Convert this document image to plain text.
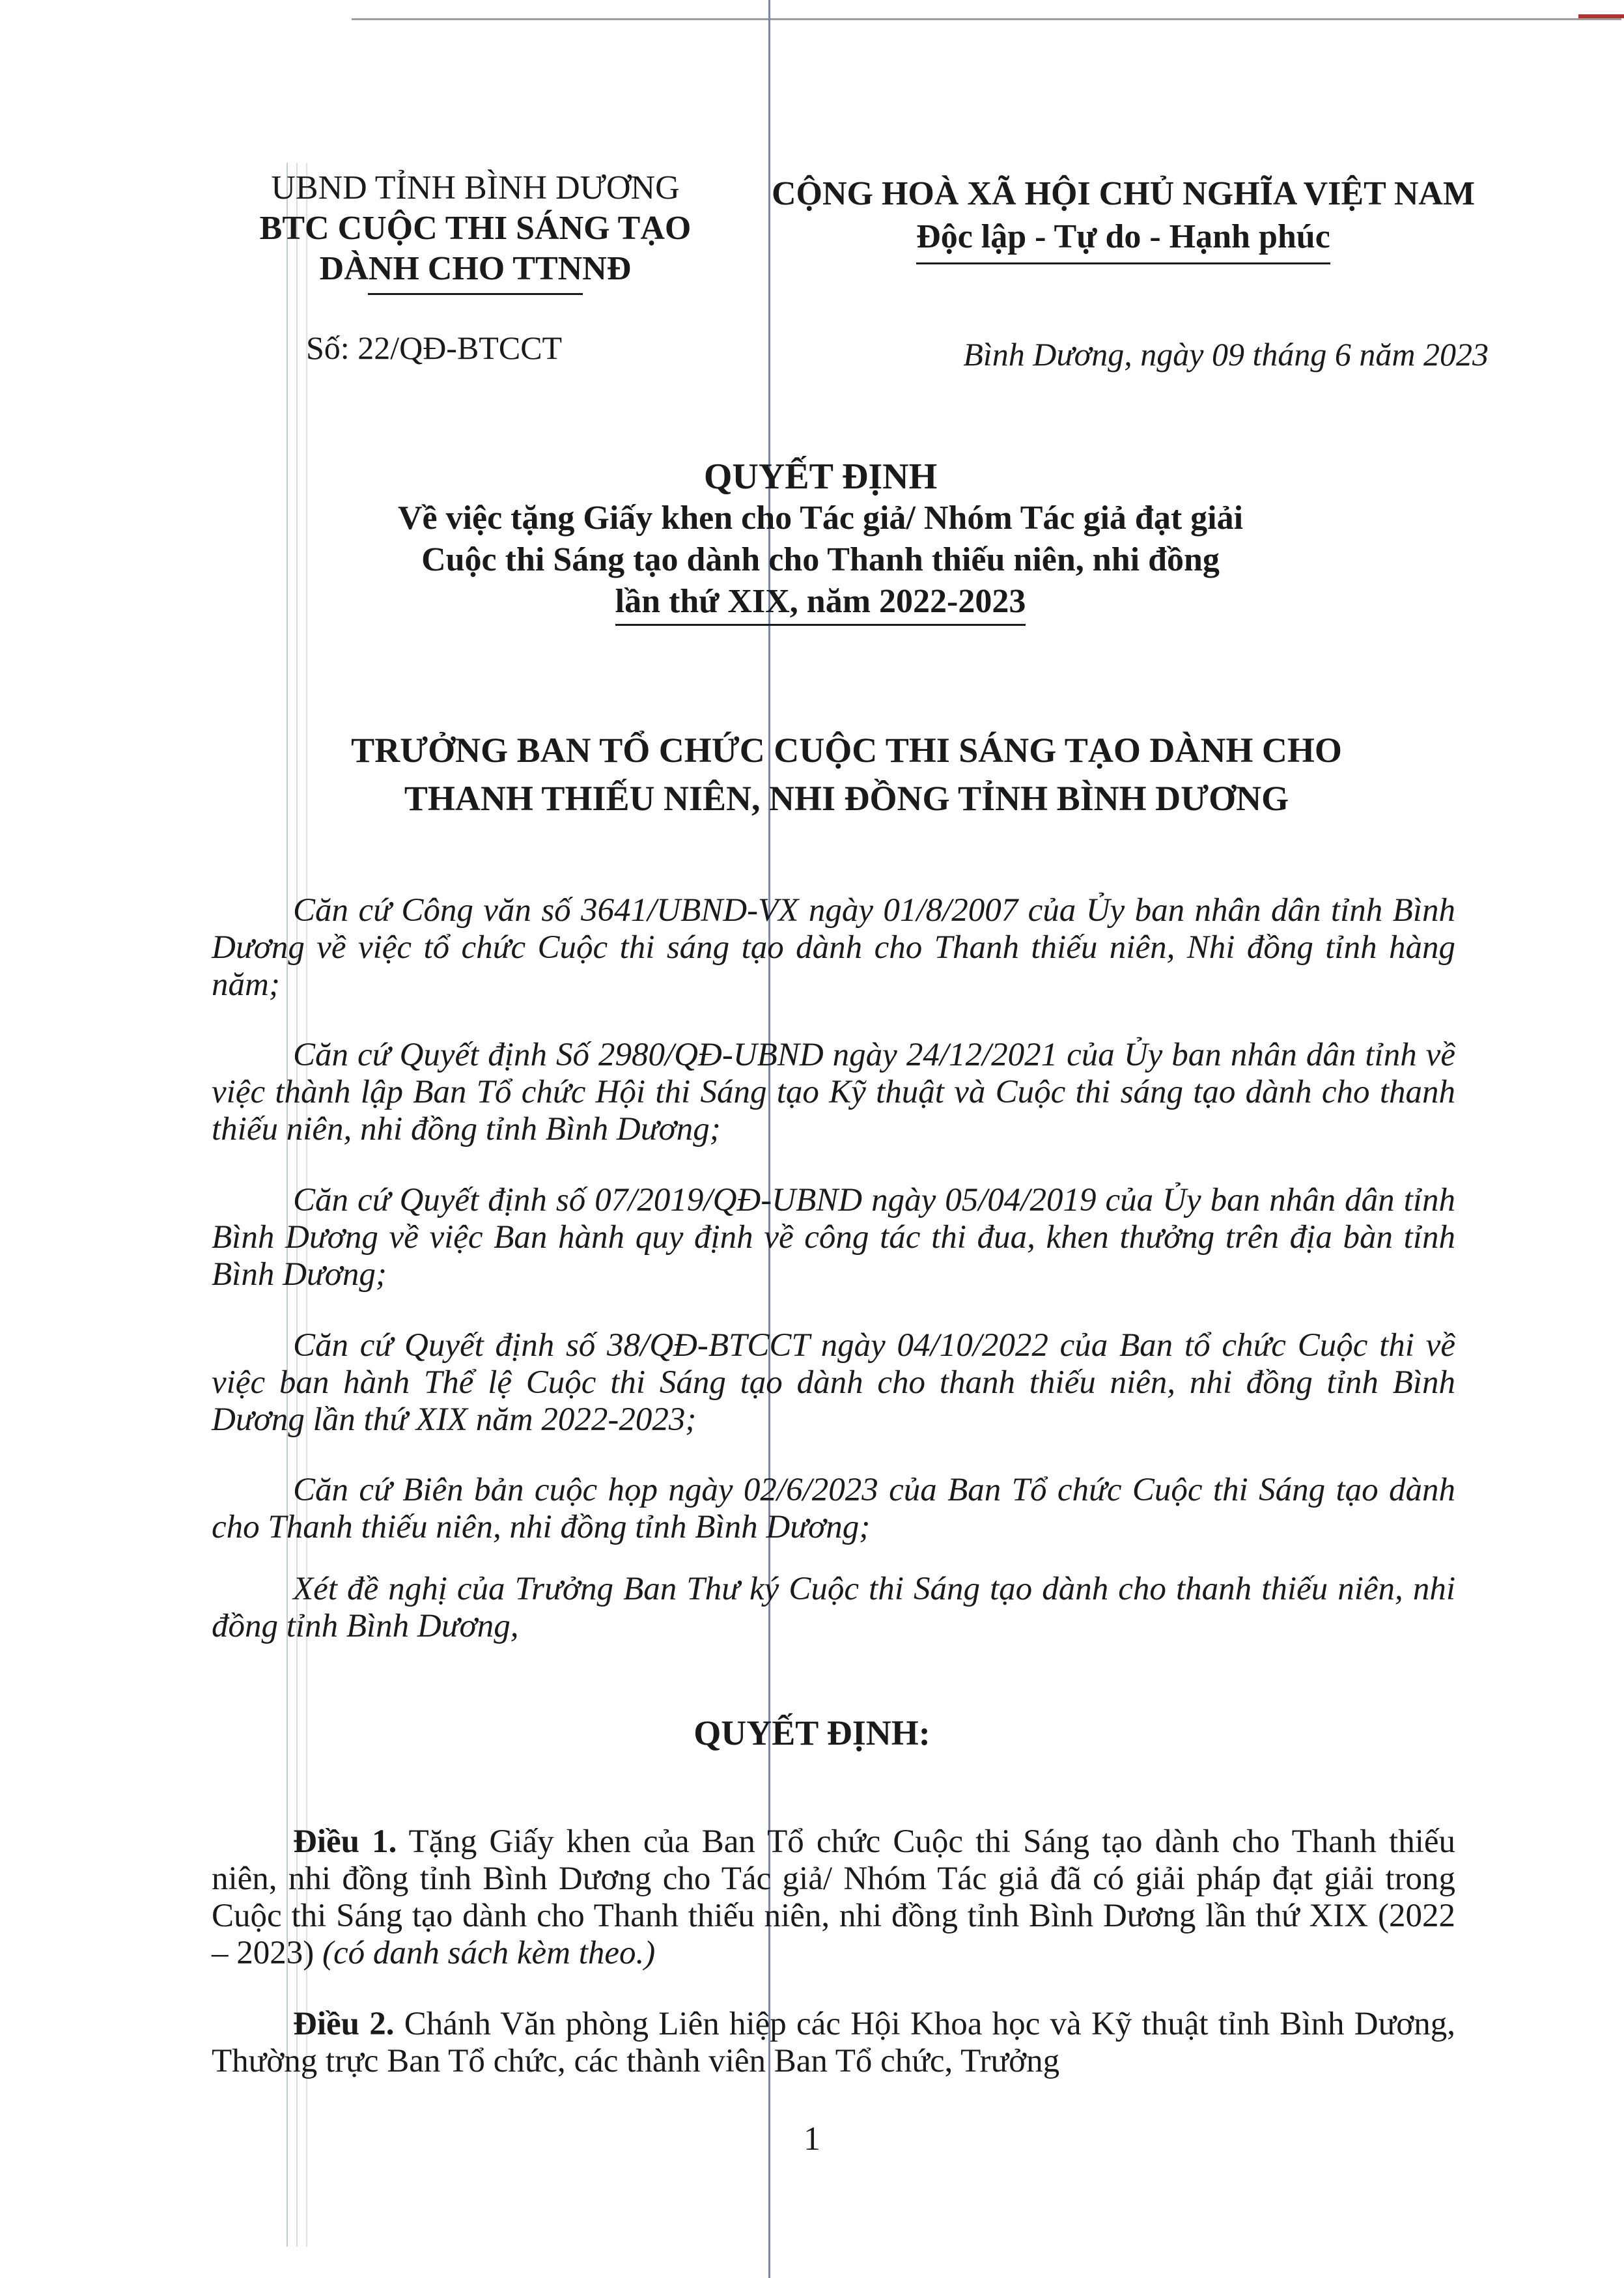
UBND TỈNH BÌNH DƯƠNG
BTC CUỘC THI SÁNG TẠO
DÀNH CHO TTNNĐ
Số: 22/QĐ-BTCCT
CỘNG HOÀ XÃ HỘI CHỦ NGHĨA VIỆT NAM
Độc lập - Tự do - Hạnh phúc
Bình Dương, ngày 09 tháng 6 năm 2023
QUYẾT ĐỊNH
Về việc tặng Giấy khen cho Tác giả/ Nhóm Tác giả đạt giải
Cuộc thi Sáng tạo dành cho Thanh thiếu niên, nhi đồng
lần thứ XIX, năm 2022-2023
TRƯỞNG BAN TỔ CHỨC CUỘC THI SÁNG TẠO DÀNH CHO
THANH THIẾU NIÊN, NHI ĐỒNG TỈNH BÌNH DƯƠNG

Căn cứ Công văn số 3641/UBND-VX ngày 01/8/2007 của Ủy ban nhân dân tỉnh Bình Dương về việc tổ chức Cuộc thi sáng tạo dành cho Thanh thiếu niên, Nhi đồng tỉnh hàng năm;

Căn cứ Quyết định Số 2980/QĐ-UBND ngày 24/12/2021 của Ủy ban nhân dân tỉnh về việc thành lập Ban Tổ chức Hội thi Sáng tạo Kỹ thuật và Cuộc thi sáng tạo dành cho thanh thiếu niên, nhi đồng tỉnh Bình Dương;

Căn cứ Quyết định số 07/2019/QĐ-UBND ngày 05/04/2019 của Ủy ban nhân dân tỉnh Bình Dương về việc Ban hành quy định về công tác thi đua, khen thưởng trên địa bàn tỉnh Bình Dương;

Căn cứ Quyết định số 38/QĐ-BTCCT ngày 04/10/2022 của Ban tổ chức Cuộc thi về việc ban hành Thể lệ Cuộc thi Sáng tạo dành cho thanh thiếu niên, nhi đồng tỉnh Bình Dương lần thứ XIX năm 2022-2023;

Căn cứ Biên bản cuộc họp ngày 02/6/2023 của Ban Tổ chức Cuộc thi Sáng tạo dành cho Thanh thiếu niên, nhi đồng tỉnh Bình Dương;

Xét đề nghị của Trưởng Ban Thư ký Cuộc thi Sáng tạo dành cho thanh thiếu niên, nhi đồng tỉnh Bình Dương,

QUYẾT ĐỊNH:

Điều 1. Tặng Giấy khen của Ban Tổ chức Cuộc thi Sáng tạo dành cho Thanh thiếu niên, nhi đồng tỉnh Bình Dương cho Tác giả/ Nhóm Tác giả đã có giải pháp đạt giải trong Cuộc thi Sáng tạo dành cho Thanh thiếu niên, nhi đồng tỉnh Bình Dương lần thứ XIX (2022 – 2023) (có danh sách kèm theo.)

Điều 2. Chánh Văn phòng Liên hiệp các Hội Khoa học và Kỹ thuật tỉnh Bình Dương, Thường trực Ban Tổ chức, các thành viên Ban Tổ chức, Trưởng

1
